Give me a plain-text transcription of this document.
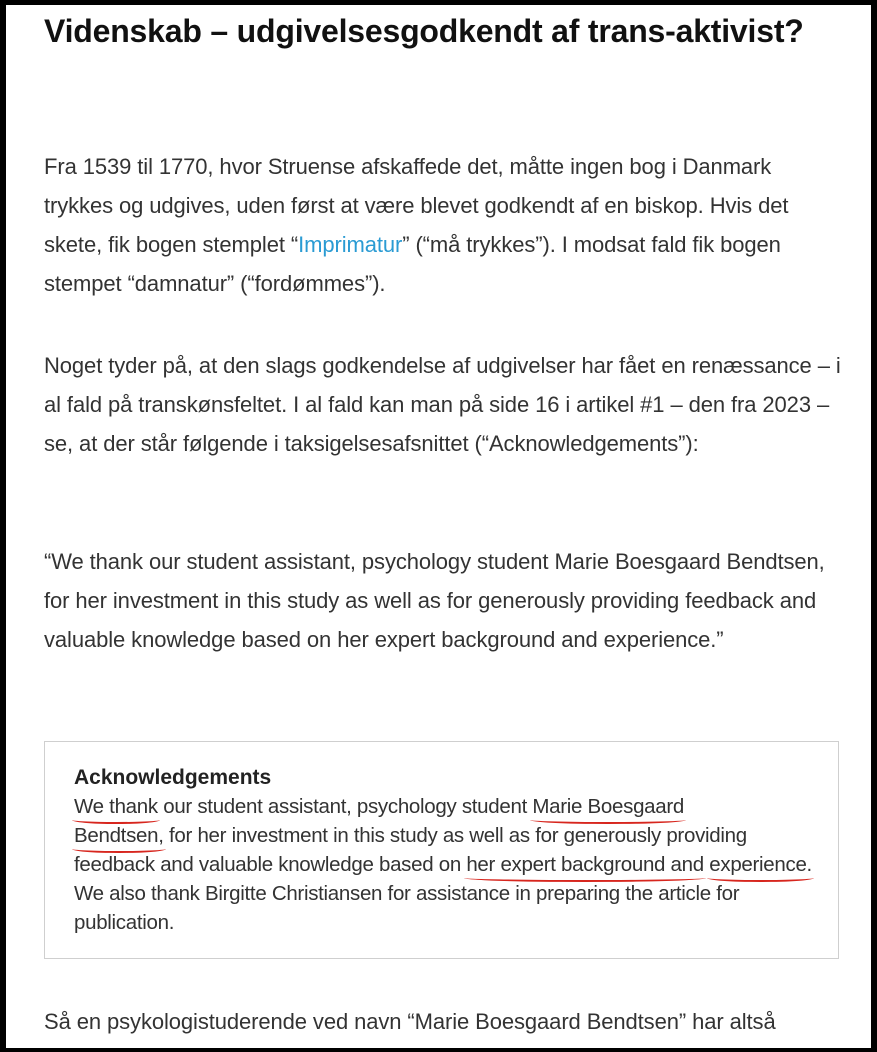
Videnskab – udgivelsesgodkendt af trans-aktivist?

Fra 1539 til 1770, hvor Struense afskaffede det, måtte ingen bog i Danmark trykkes og udgives, uden først at være blevet godkendt af en biskop. Hvis det skete, fik bogen stemplet “Imprimatur” (“må trykkes”). I modsat fald fik bogen stempet “damnatur” (“fordømmes”).

Noget tyder på, at den slags godkendelse af udgivelser har fået en renæssance – i al fald på transkønsfeltet. I al fald kan man på side 16 i artikel #1 – den fra 2023 – se, at der står følgende i taksigelsesafsnittet (“Acknowledgements”):

“We thank our student assistant, psychology student Marie Boesgaard Bendtsen, for her investment in this study as well as for generously providing feedback and valuable knowledge based on her expert background and experience.”

Acknowledgements

We thank our student assistant, psychology student Marie Boesgaard
Bendtsen, for her investment in this study as well as for generously providing feedback and valuable knowledge based on her expert background and experience. We also thank Birgitte Christiansen for assistance in preparing the article for publication.

Så en psykologistuderende ved navn “Marie Boesgaard Bendtsen” har altså
